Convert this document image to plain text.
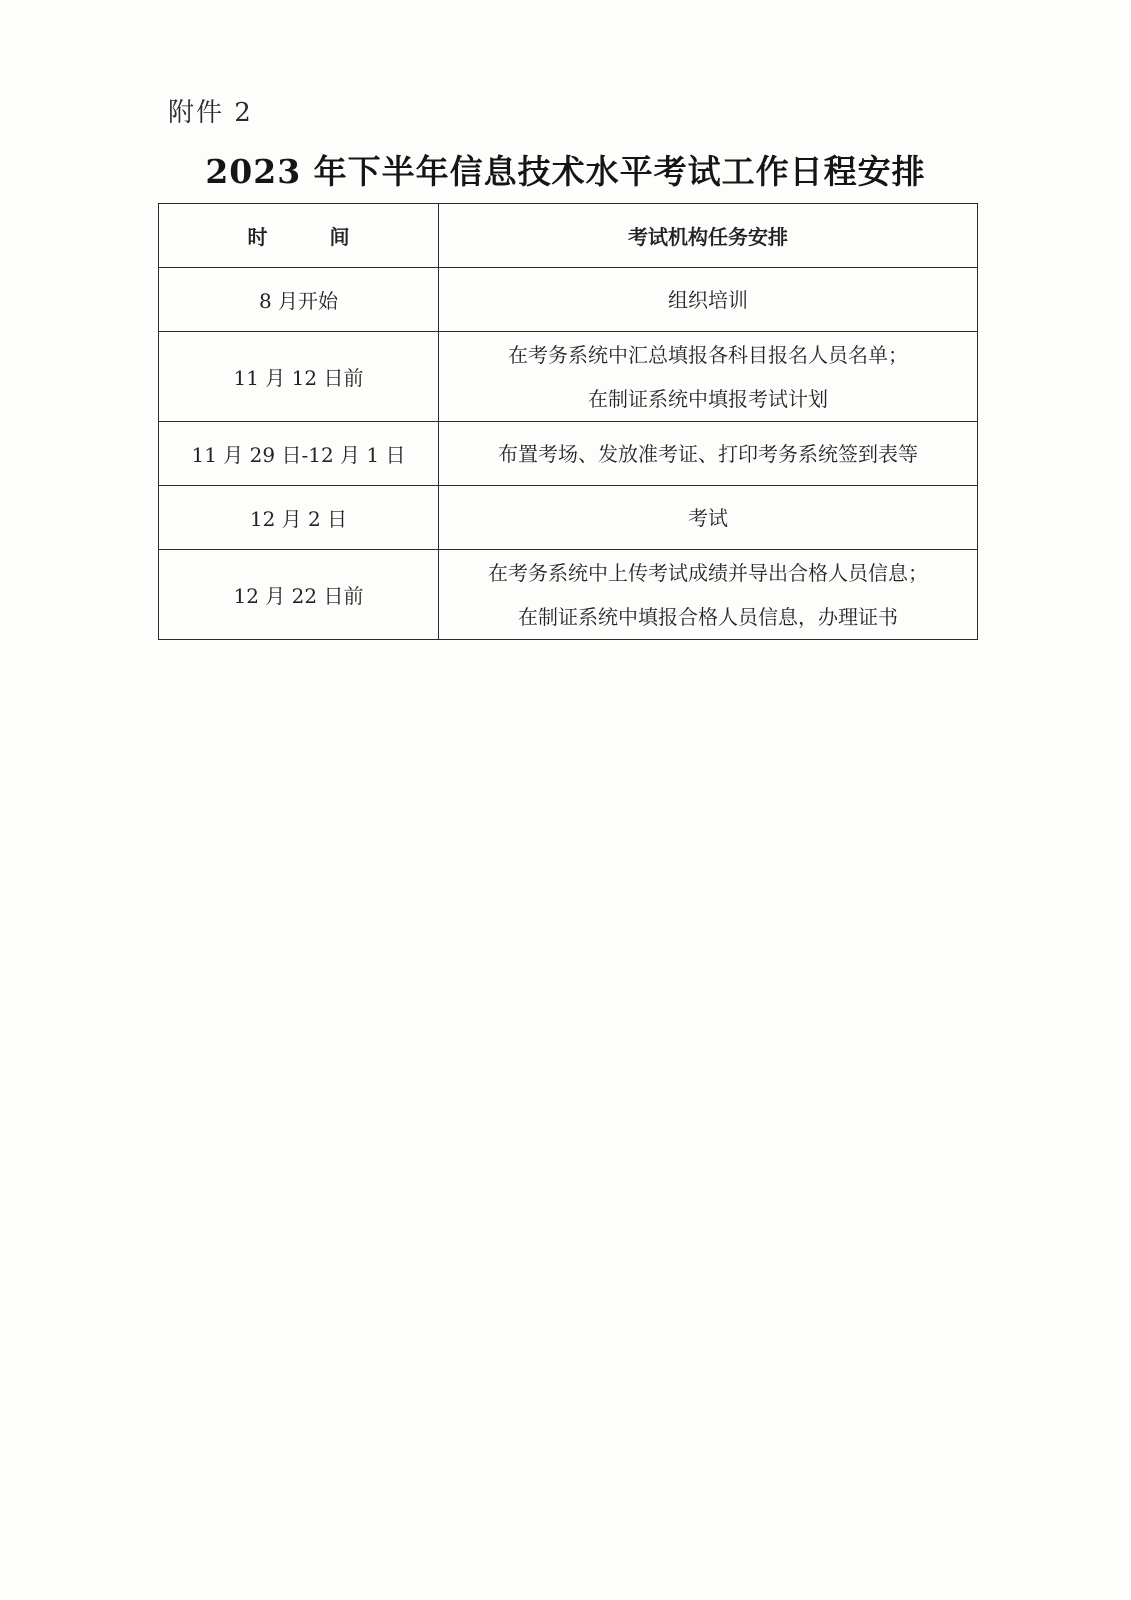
附件 2
2023 年下半年信息技术水平考试工作日程安排
时间	考试机构任务安排
8 月开始	组织培训

11 月 12 日前	在考务系统中汇总填报各科目报名人员名单；
在制证系统中填报考试计划

11 月 29 日-12 月 1 日	布置考场、发放准考证、打印考务系统签到表等

12 月 2 日	考试

12 月 22 日前	在考务系统中上传考试成绩并导出合格人员信息；
在制证系统中填报合格人员信息，办理证书
